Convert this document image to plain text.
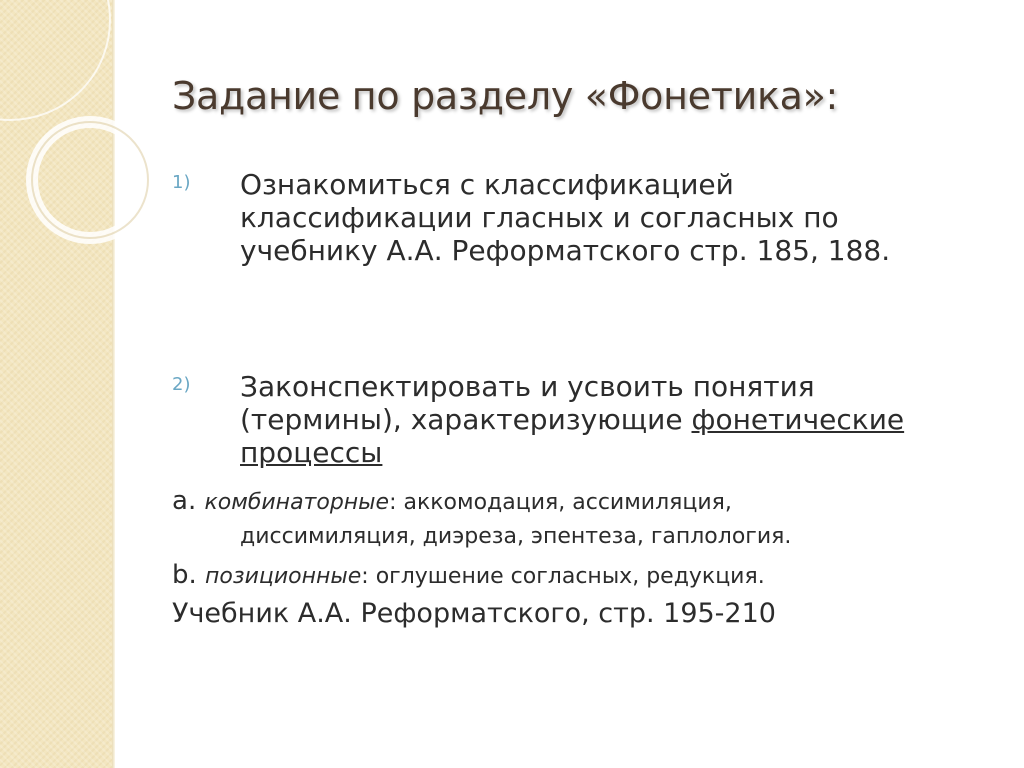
Задание по разделу «Фонетика»:
1) Ознакомиться с классификацией классификации гласных и согласных по учебнику А.А. Реформатского стр. 185, 188.
2) Законспектировать и усвоить понятия (термины), характеризующие фонетические процессы
a. комбинаторные: аккомодация, ассимиляция,
диссимиляция, диэреза, эпентеза, гаплология.
b. позиционные: оглушение согласных, редукция.
Учебник А.А. Реформатского, стр. 195-210
